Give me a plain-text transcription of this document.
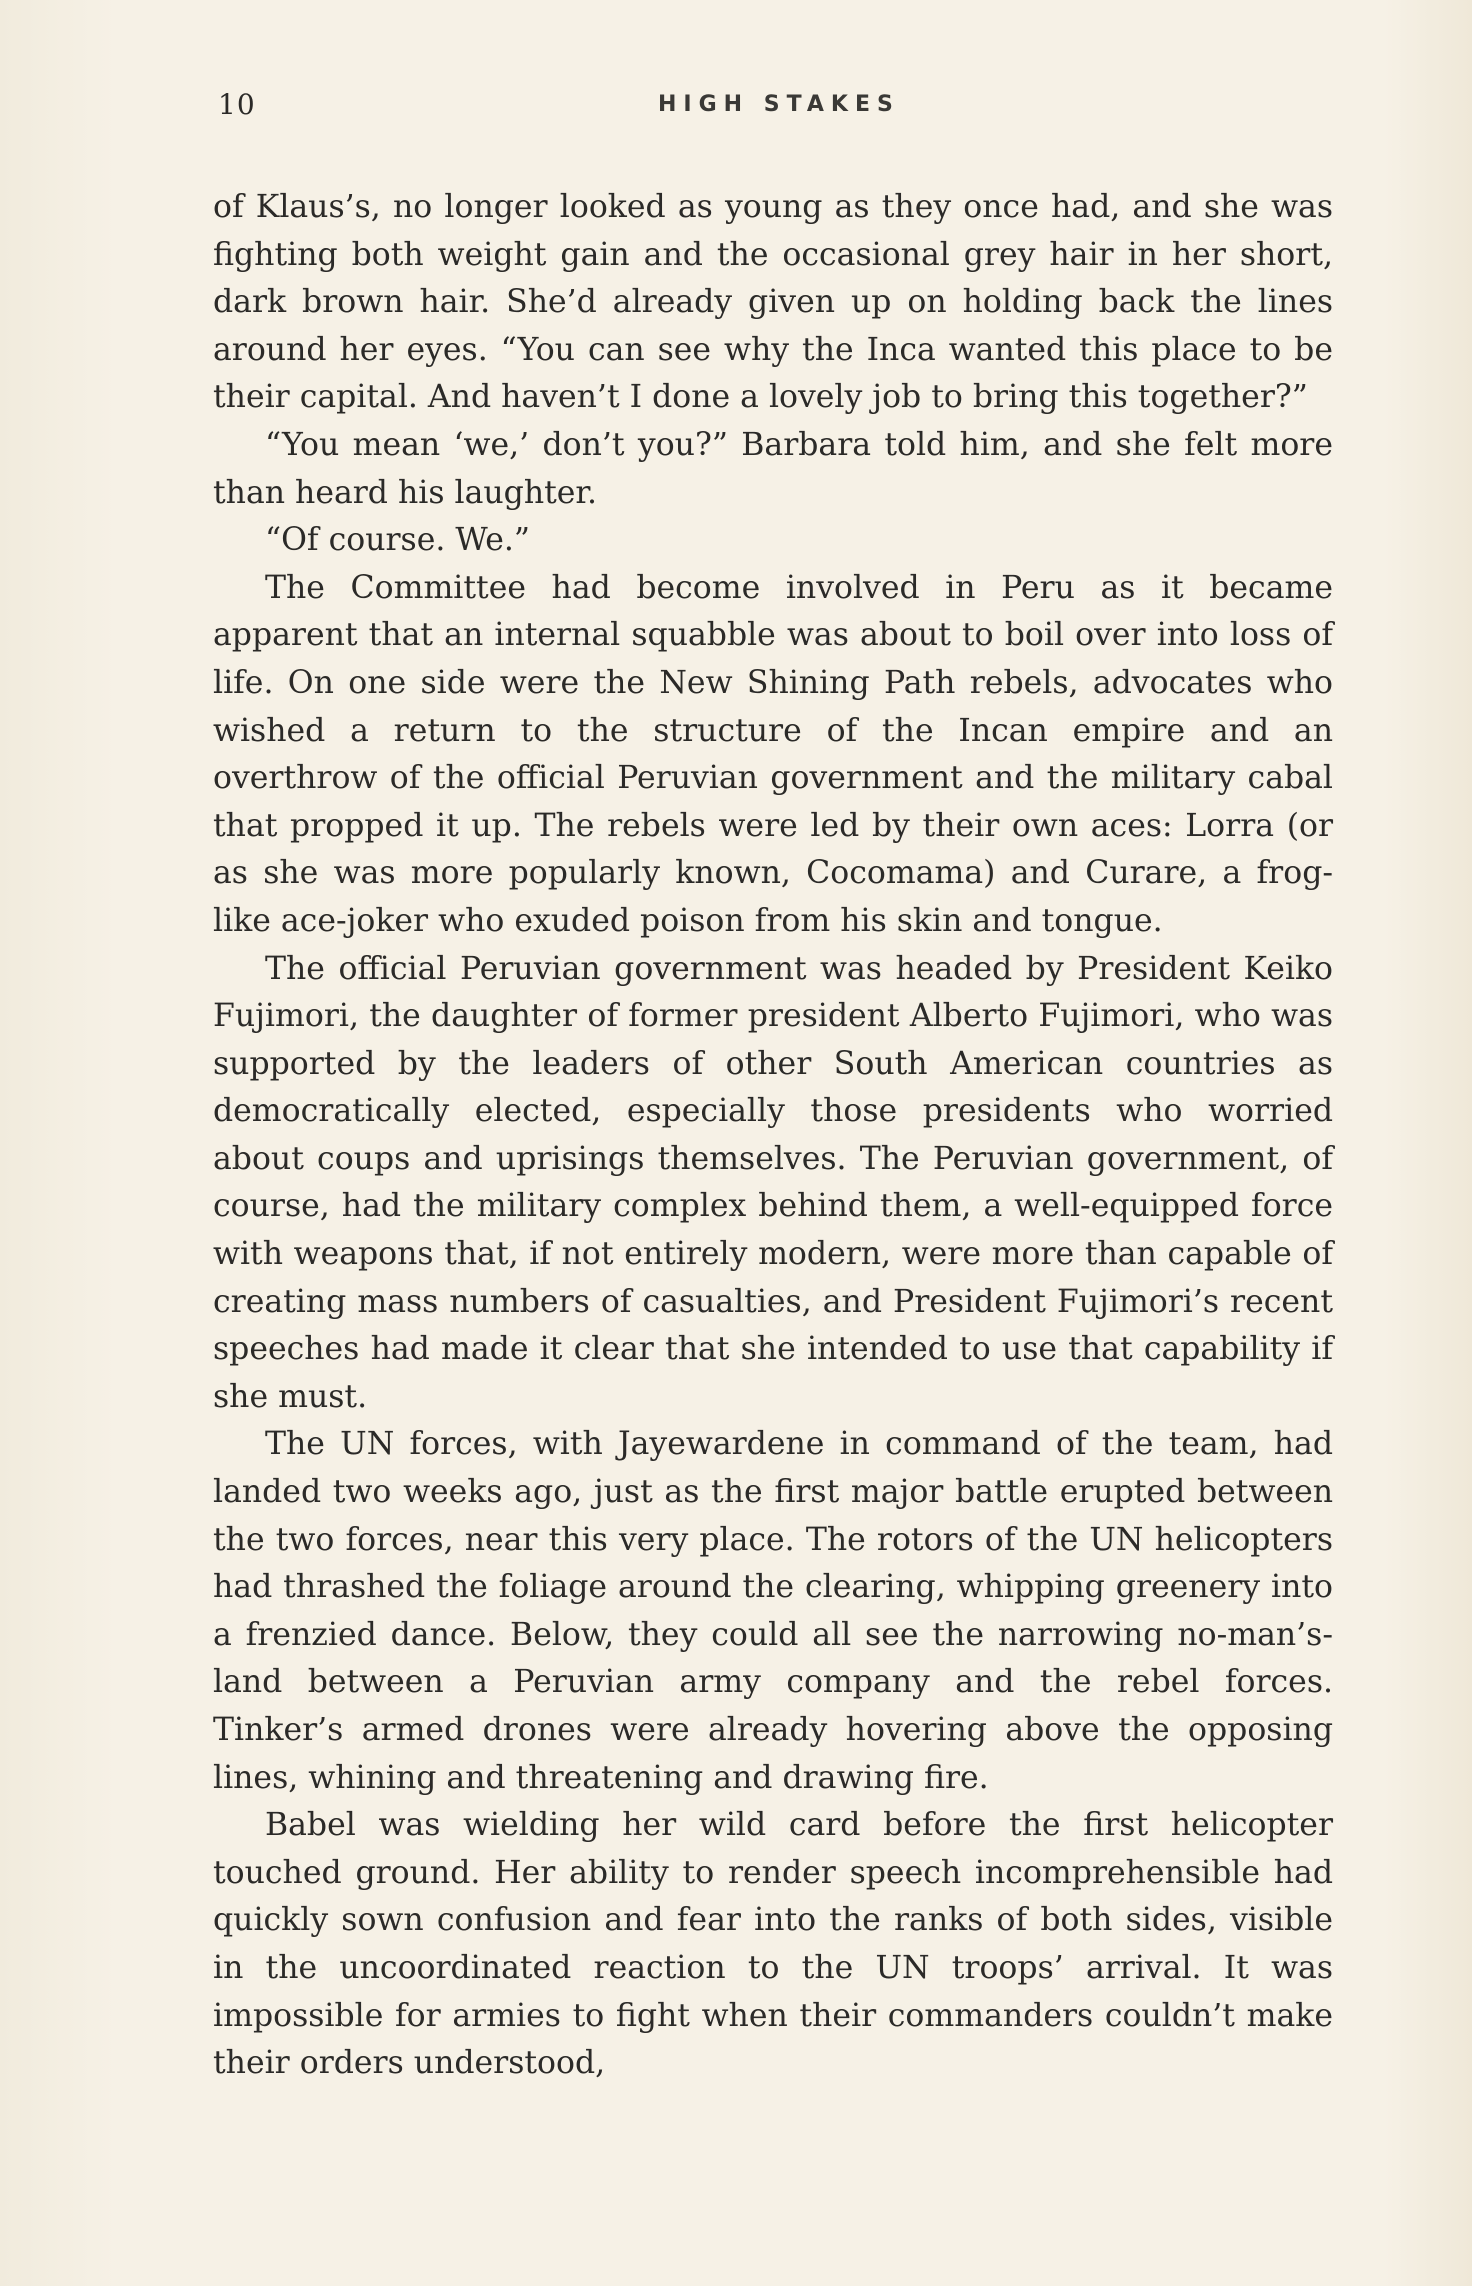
10	HIGH STAKES

of Klaus’s, no longer looked as young as they once had, and she was fighting both weight gain and the occasional grey hair in her short, dark brown hair. She’d already given up on holding back the lines around her eyes. “You can see why the Inca wanted this place to be their capital. And haven’t I done a lovely job to bring this together?”

“You mean ‘we,’ don’t you?” Barbara told him, and she felt more than heard his laughter.

“Of course. We.”

The Committee had become involved in Peru as it became apparent that an internal squabble was about to boil over into loss of life. On one side were the New Shining Path rebels, advocates who wished a return to the structure of the Incan empire and an overthrow of the official Peruvian government and the military cabal that propped it up. The rebels were led by their own aces: Lorra (or as she was more popularly known, Cocomama) and Curare, a frog-like ace-joker who exuded poison from his skin and tongue.

The official Peruvian government was headed by President Keiko Fujimori, the daughter of former president Alberto Fujimori, who was supported by the leaders of other South American countries as democratically elected, especially those presidents who worried about coups and uprisings themselves. The Peruvian government, of course, had the military complex behind them, a well-equipped force with weapons that, if not entirely modern, were more than capable of creating mass numbers of casualties, and President Fujimori’s recent speeches had made it clear that she intended to use that capability if she must.

The UN forces, with Jayewardene in command of the team, had landed two weeks ago, just as the first major battle erupted between the two forces, near this very place. The rotors of the UN helicopters had thrashed the foliage around the clearing, whipping greenery into a frenzied dance. Below, they could all see the narrowing no-man’s-land between a Peruvian army company and the rebel forces. Tinker’s armed drones were already hovering above the opposing lines, whining and threatening and drawing fire.

Babel was wielding her wild card before the first helicopter touched ground. Her ability to render speech incomprehensible had quickly sown confusion and fear into the ranks of both sides, visible in the uncoordinated reaction to the UN troops’ arrival. It was impossible for armies to fight when their commanders couldn’t make their orders understood,
